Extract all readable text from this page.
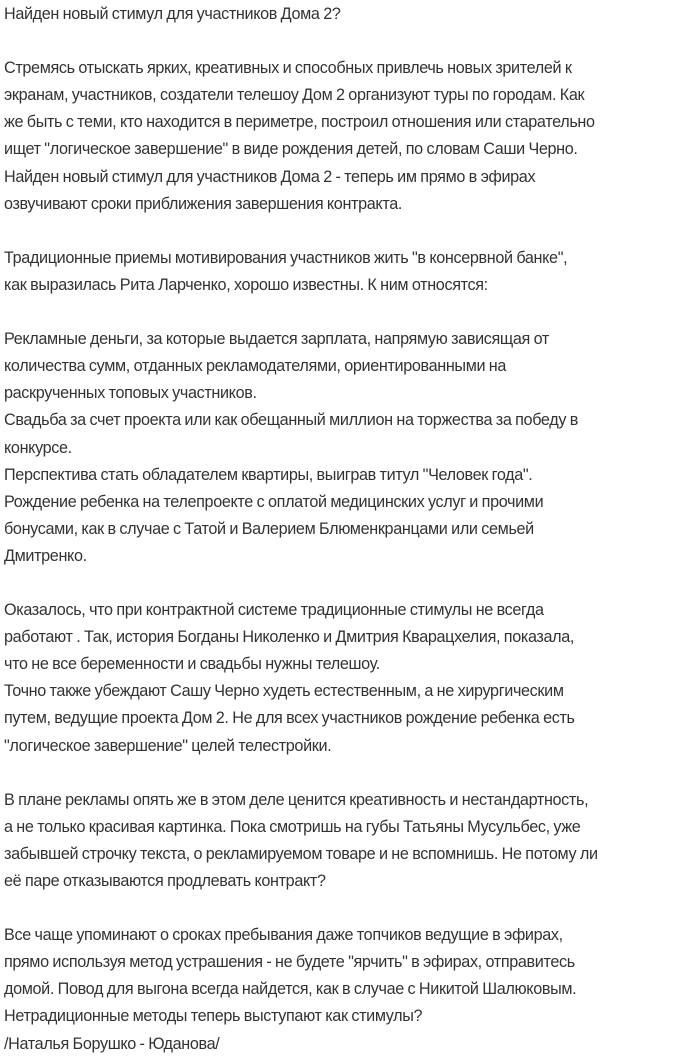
Найден новый стимул для участников Дома 2?
Стремясь отыскать ярких, креативных и способных привлечь новых зрителей к
экранам, участников, создатели телешоу Дом 2 организуют туры по городам. Как
же быть с теми, кто находится в периметре, построил отношения или старательно
ищет "логическое завершение" в виде рождения детей, по словам Саши Черно.
Найден новый стимул для участников Дома 2 - теперь им прямо в эфирах
озвучивают сроки приближения завершения контракта.
Традиционные приемы мотивирования участников жить "в консервной банке",
как выразилась Рита Ларченко, хорошо известны. К ним относятся:
Рекламные деньги, за которые выдается зарплата, напрямую зависящая от
количества сумм, отданных рекламодателями, ориентированными на
раскрученных топовых участников.
Свадьба за счет проекта или как обещанный миллион на торжества за победу в
конкурсе.
Перспектива стать обладателем квартиры, выиграв титул "Человек года".
Рождение ребенка на телепроекте с оплатой медицинских услуг и прочими
бонусами, как в случае с Татой и Валерием Блюменкранцами или семьей
Дмитренко.
Оказалось, что при контрактной системе традиционные стимулы не всегда
работают . Так, история Богданы Николенко и Дмитрия Кварацхелия, показала,
что не все беременности и свадьбы нужны телешоу.
Точно также убеждают Сашу Черно худеть естественным, а не хирургическим
путем, ведущие проекта Дом 2. Не для всех участников рождение ребенка есть
"логическое завершение" целей телестройки.
В плане рекламы опять же в этом деле ценится креативность и нестандартность,
а не только красивая картинка. Пока смотришь на губы Татьяны Мусульбес, уже
забывшей строчку текста, о рекламируемом товаре и не вспомнишь. Не потому ли
её паре отказываются продлевать контракт?
Все чаще упоминают о сроках пребывания даже топчиков ведущие в эфирах,
прямо используя метод устрашения - не будете "ярчить" в эфирах, отправитесь
домой. Повод для выгона всегда найдется, как в случае с Никитой Шалюковым.
Нетрадиционные методы теперь выступают как стимулы?
/Наталья Борушко - Юданова/
